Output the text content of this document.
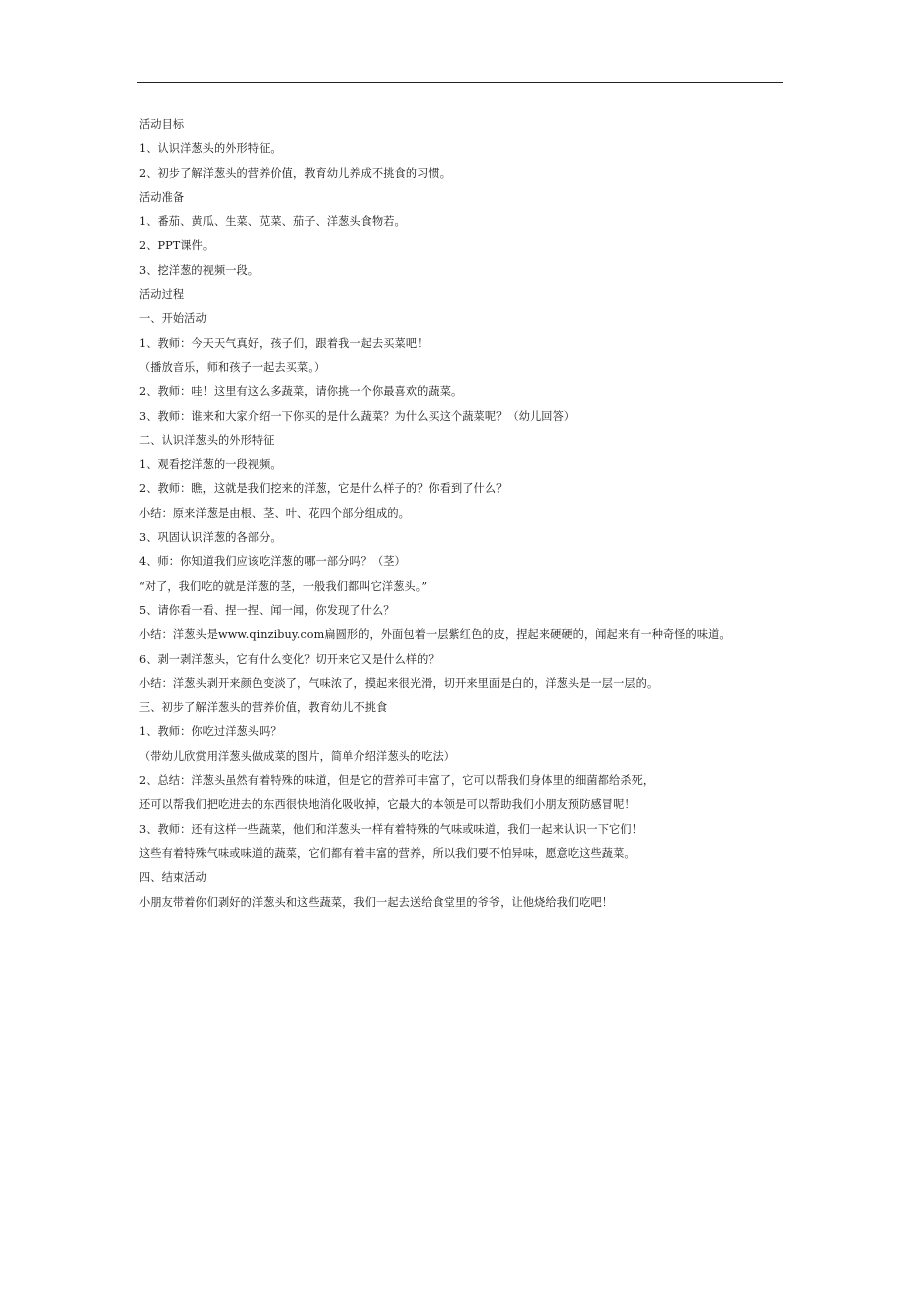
活动目标
1、认识洋葱头的外形特征。
2、初步了解洋葱头的营养价值，教育幼儿养成不挑食的习惯。
活动准备
1、番茄、黄瓜、生菜、苋菜、茄子、洋葱头食物若。
2、PPT课件。
3、挖洋葱的视频一段。
活动过程
一、开始活动
1、教师：今天天气真好，孩子们，跟着我一起去买菜吧！
（播放音乐，师和孩子一起去买菜。）
2、教师：哇！这里有这么多蔬菜，请你挑一个你最喜欢的蔬菜。
3、教师：谁来和大家介绍一下你买的是什么蔬菜？为什么买这个蔬菜呢？（幼儿回答）
二、认识洋葱头的外形特征
1、观看挖洋葱的一段视频。
2、教师：瞧，这就是我们挖来的洋葱，它是什么样子的？你看到了什么？
小结：原来洋葱是由根、茎、叶、花四个部分组成的。
3、巩固认识洋葱的各部分。
4、师：你知道我们应该吃洋葱的哪一部分吗？（茎）
“对了，我们吃的就是洋葱的茎，一般我们都叫它洋葱头。”
5、请你看一看、捏一捏、闻一闻，你发现了什么？
小结：洋葱头是www.qinzibuy.com扁圆形的，外面包着一层紫红色的皮，捏起来硬硬的，闻起来有一种奇怪的味道。
6、剥一剥洋葱头，它有什么变化？切开来它又是什么样的？
小结：洋葱头剥开来颜色变淡了，气味浓了，摸起来很光滑，切开来里面是白的，洋葱头是一层一层的。
三、初步了解洋葱头的营养价值，教育幼儿不挑食
1、教师：你吃过洋葱头吗？
（带幼儿欣赏用洋葱头做成菜的图片，简单介绍洋葱头的吃法）
2、总结：洋葱头虽然有着特殊的味道，但是它的营养可丰富了，它可以帮我们身体里的细菌都给杀死，
还可以帮我们把吃进去的东西很快地消化吸收掉，它最大的本领是可以帮助我们小朋友预防感冒呢！
3、教师：还有这样一些蔬菜，他们和洋葱头一样有着特殊的气味或味道，我们一起来认识一下它们！
这些有着特殊气味或味道的蔬菜，它们都有着丰富的营养，所以我们要不怕异味，愿意吃这些蔬菜。
四、结束活动
小朋友带着你们剥好的洋葱头和这些蔬菜，我们一起去送给食堂里的爷爷，让他烧给我们吃吧！
